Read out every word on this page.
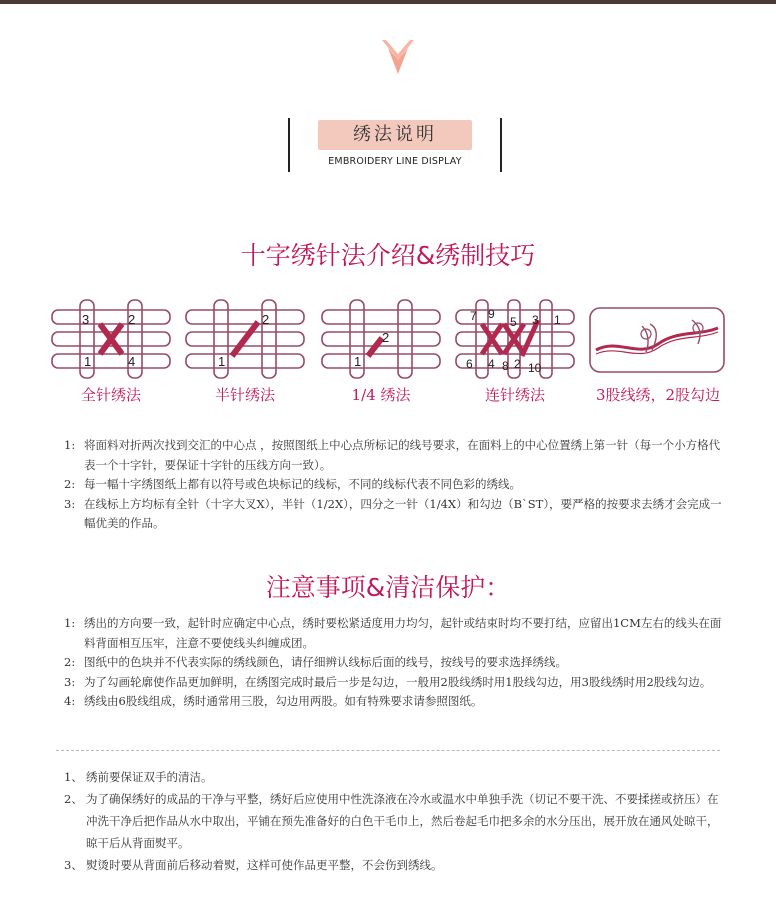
绣法说明
EMBROIDERY LINE DISPLAY
十字绣针法介绍&绣制技巧
3	2
1	4
全针绣法
2
1
半针绣法
2
1
1/4 绣法
7 9
5 3 1
6 4 8 2 10
连针绣法	3股线绣，2股勾边
1: 将面料对折两次找到交汇的中心点 ，按照图纸上中心点所标记的线号要求，在面料上的中心位置绣上第一针（每一个小方格代表一个十字针，要保证十字针的压线方向一致）。
2: 每一幅十字绣图纸上都有以符号或色块标记的线标，不同的线标代表不同色彩的绣线。
3: 在线标上方均标有全针（十字大叉X），半针（1/2X），四分之一针（1/4X）和勾边（B`ST），要严格的按要求去绣才会完成一幅优美的作品。
注意事项&清洁保护：
1: 绣出的方向要一致，起针时应确定中心点，绣时要松紧适度用力均匀，起针或结束时均不要打结，应留出1CM左右的线头在面料背面相互压牢，注意不要使线头纠缠成团。
2: 图纸中的色块并不代表实际的绣线颜色，请仔细辨认线标后面的线号，按线号的要求选择绣线。
3: 为了勾画轮廓使作品更加鲜明，在绣图完成时最后一步是勾边，一般用2股线绣时用1股线勾边，用3股线绣时用2股线勾边。
4: 绣线由6股线组成，绣时通常用三股，勾边用两股。如有特殊要求请参照图纸。
1、 绣前要保证双手的清洁。
2、 为了确保绣好的成品的干净与平整，绣好后应使用中性洗涤液在冷水或温水中单独手洗（切记不要干洗、不要揉搓或挤压）在冲洗干净后把作品从水中取出，平铺在预先准备好的白色干毛巾上，然后卷起毛巾把多余的水分压出，展开放在通风处晾干，晾干后从背面熨平。
3、 熨烫时要从背面前后移动着熨，这样可使作品更平整，不会伤到绣线。
